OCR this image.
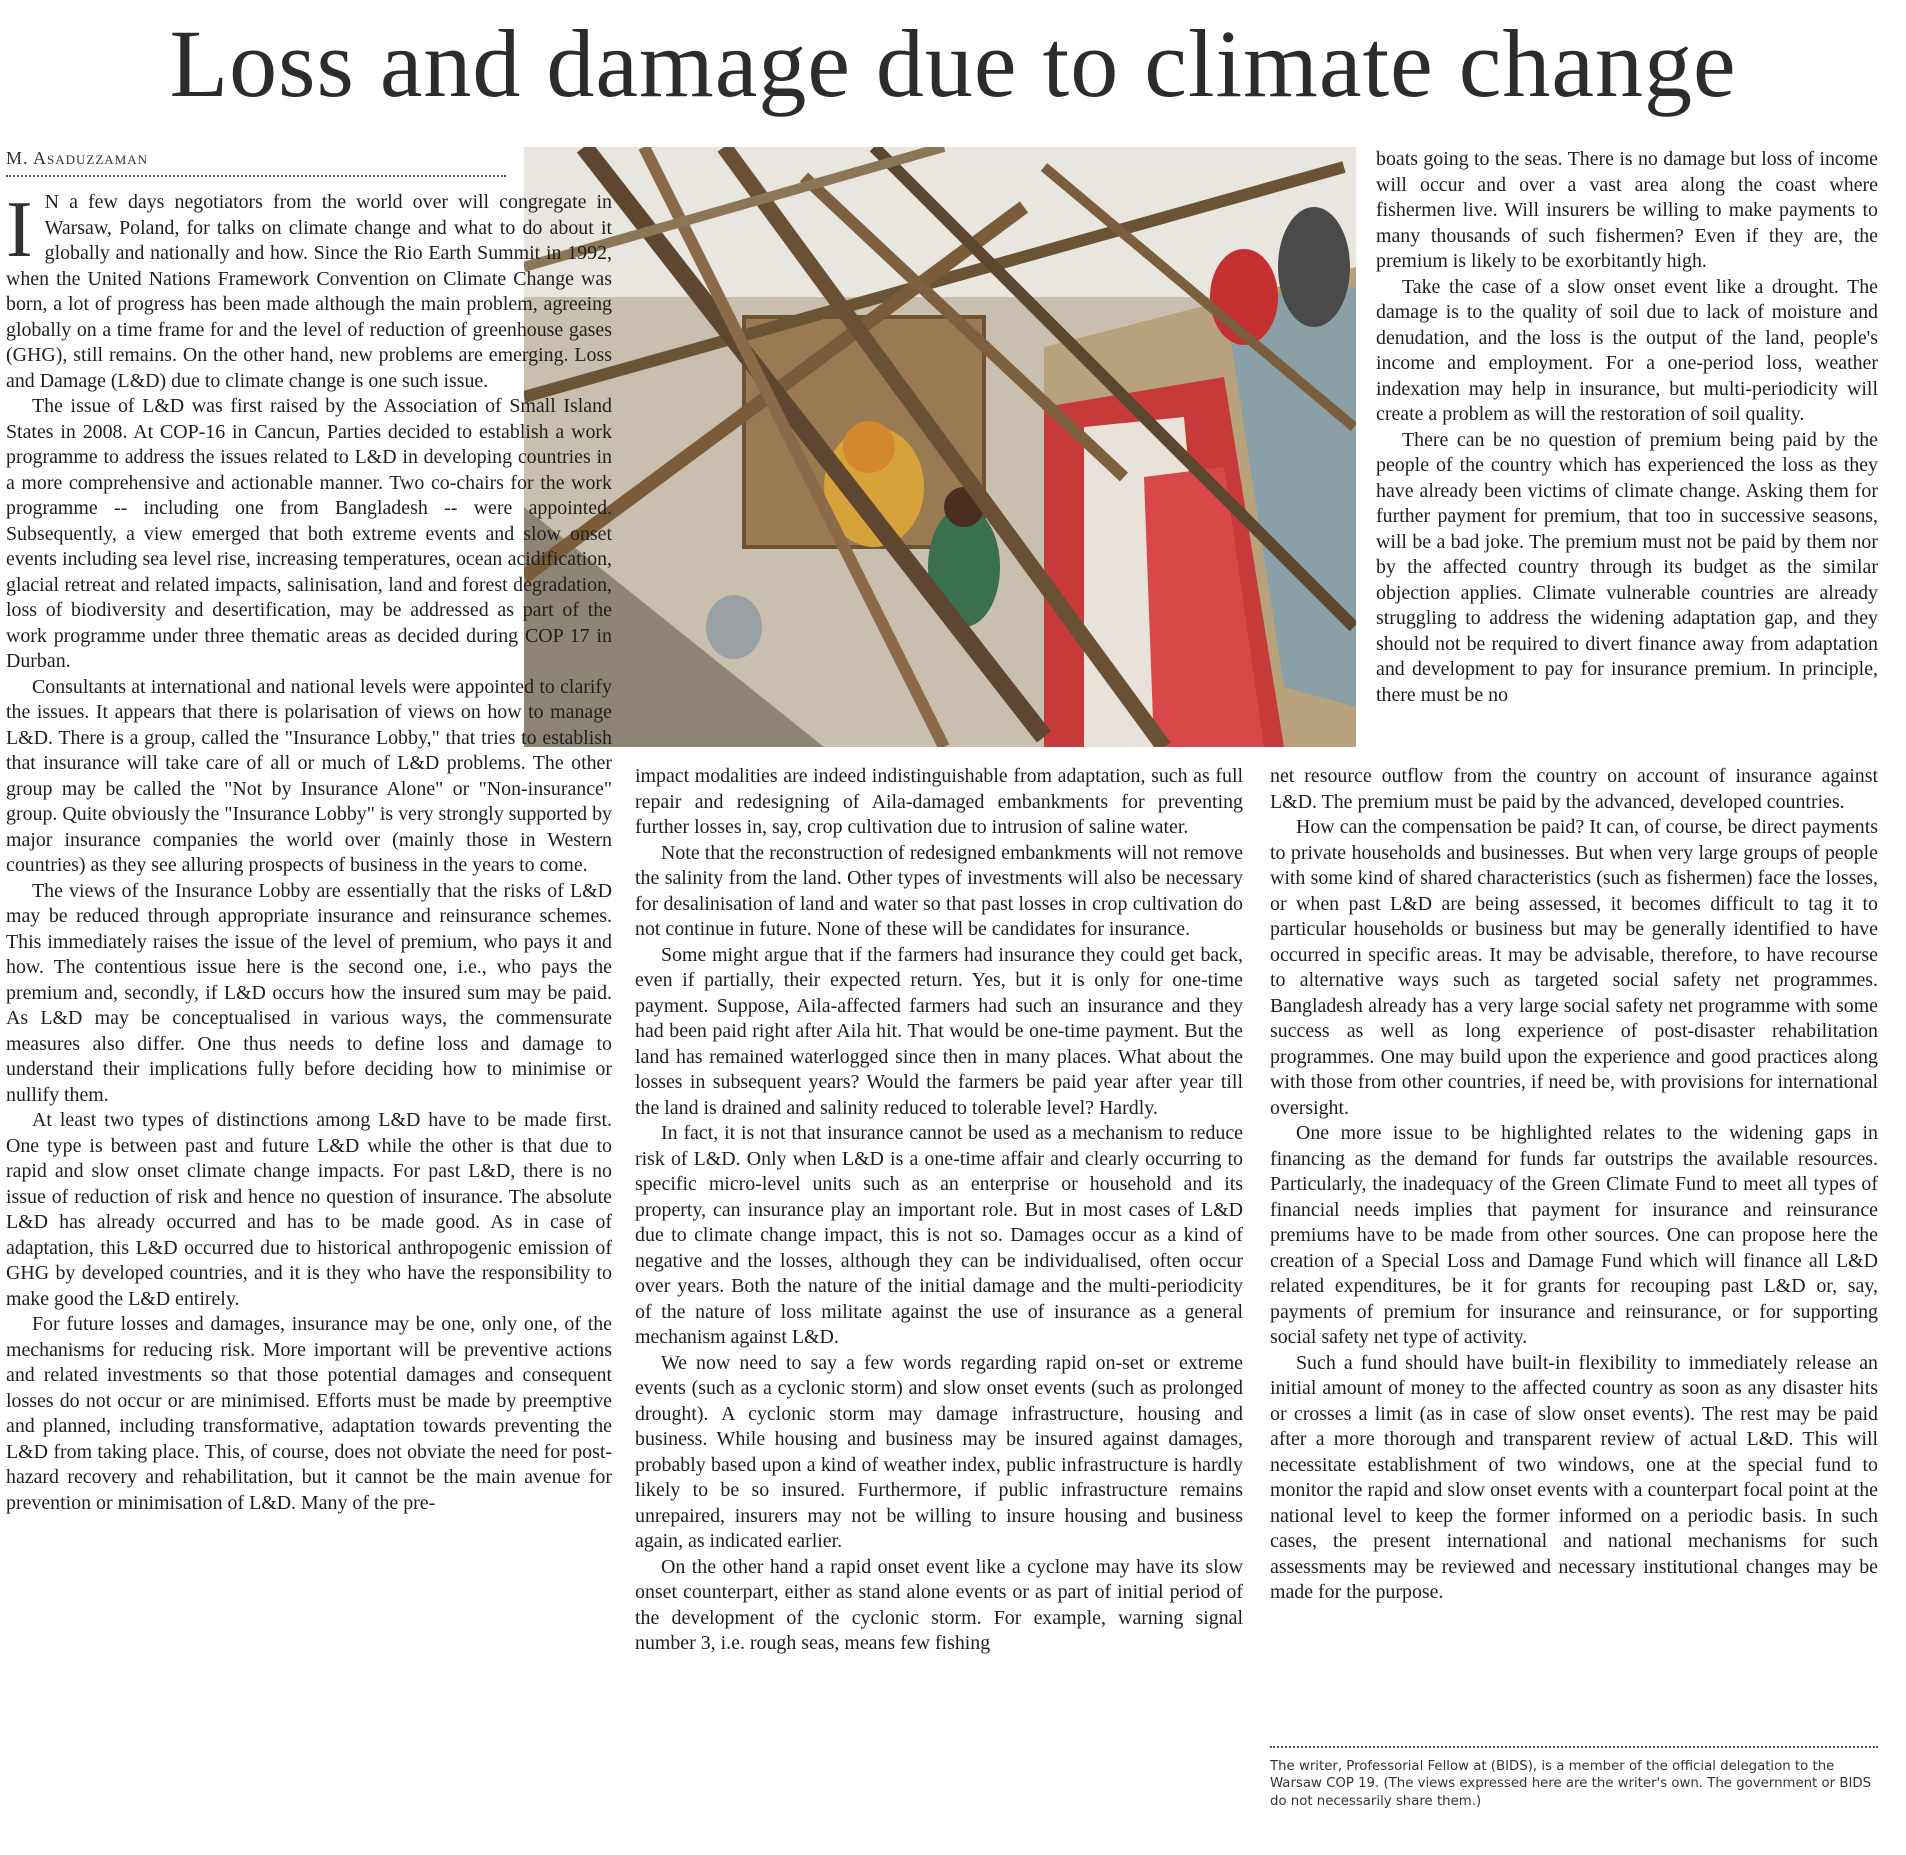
Loss and damage due to climate change
M. Asaduzzaman

I N a few days negotiators from the world over will congregate in Warsaw, Poland, for talks on climate change and what to do about it globally and nationally and how. Since the Rio Earth Summit in 1992, when the United Nations Framework Convention on Climate Change was born, a lot of progress has been made although the main problem, agreeing globally on a time frame for and the level of reduction of greenhouse gases (GHG), still remains. On the other hand, new problems are emerging. Loss and Damage (L&D) due to climate change is one such issue.

The issue of L&D was first raised by the Association of Small Island States in 2008. At COP-16 in Cancun, Parties decided to establish a work programme to address the issues related to L&D in developing countries in a more comprehensive and actionable manner. Two co-chairs for the work programme -- including one from Bangladesh -- were appointed. Subsequently, a view emerged that both extreme events and slow onset events including sea level rise, increasing temperatures, ocean acidification, glacial retreat and related impacts, salinisation, land and forest degradation, loss of biodiversity and desertification, may be addressed as part of the work programme under three thematic areas as decided during COP 17 in Durban.

Consultants at international and national levels were appointed to clarify the issues. It appears that there is polarisation of views on how to manage L&D. There is a group, called the "Insurance Lobby," that tries to establish that insurance will take care of all or much of L&D problems. The other group may be called the "Not by Insurance Alone" or "Non-insurance" group. Quite obviously the "Insurance Lobby" is very strongly supported by major insurance companies the world over (mainly those in Western countries) as they see alluring prospects of business in the years to come.

The views of the Insurance Lobby are essentially that the risks of L&D may be reduced through appropriate insurance and reinsurance schemes. This immediately raises the issue of the level of premium, who pays it and how. The contentious issue here is the second one, i.e., who pays the premium and, secondly, if L&D occurs how the insured sum may be paid. As L&D may be conceptualised in various ways, the commensurate measures also differ. One thus needs to define loss and damage to understand their implications fully before deciding how to minimise or nullify them.

At least two types of distinctions among L&D have to be made first. One type is between past and future L&D while the other is that due to rapid and slow onset climate change impacts. For past L&D, there is no issue of reduction of risk and hence no question of insurance. The absolute L&D has already occurred and has to be made good. As in case of adaptation, this L&D occurred due to historical anthropogenic emission of GHG by developed countries, and it is they who have the responsibility to make good the L&D entirely.

For future losses and damages, insurance may be one, only one, of the mechanisms for reducing risk. More important will be preventive actions and related investments so that those potential damages and consequent losses do not occur or are minimised. Efforts must be made by preemptive and planned, including transformative, adaptation towards preventing the L&D from taking place. This, of course, does not obviate the need for post-hazard recovery and rehabilitation, but it cannot be the main avenue for prevention or minimisation of L&D. Many of the pre-

impact modalities are indeed indistinguishable from adaptation, such as full repair and redesigning of Aila-damaged embankments for preventing further losses in, say, crop cultivation due to intrusion of saline water.

Note that the reconstruction of redesigned embankments will not remove the salinity from the land. Other types of investments will also be necessary for desalinisation of land and water so that past losses in crop cultivation do not continue in future. None of these will be candidates for insurance.

Some might argue that if the farmers had insurance they could get back, even if partially, their expected return. Yes, but it is only for one-time payment. Suppose, Aila-affected farmers had such an insurance and they had been paid right after Aila hit. That would be one-time payment. But the land has remained waterlogged since then in many places. What about the losses in subsequent years? Would the farmers be paid year after year till the land is drained and salinity reduced to tolerable level? Hardly.

In fact, it is not that insurance cannot be used as a mechanism to reduce risk of L&D. Only when L&D is a one-time affair and clearly occurring to specific micro-level units such as an enterprise or household and its property, can insurance play an important role. But in most cases of L&D due to climate change impact, this is not so. Damages occur as a kind of negative and the losses, although they can be individualised, often occur over years. Both the nature of the initial damage and the multi-periodicity of the nature of loss militate against the use of insurance as a general mechanism against L&D.

We now need to say a few words regarding rapid on-set or extreme events (such as a cyclonic storm) and slow onset events (such as prolonged drought). A cyclonic storm may damage infrastructure, housing and business. While housing and business may be insured against damages, probably based upon a kind of weather index, public infrastructure is hardly likely to be so insured. Furthermore, if public infrastructure remains unrepaired, insurers may not be willing to insure housing and business again, as indicated earlier.

On the other hand a rapid onset event like a cyclone may have its slow onset counterpart, either as stand alone events or as part of initial period of the development of the cyclonic storm. For example, warning signal number 3, i.e. rough seas, means few fishing

boats going to the seas. There is no damage but loss of income will occur and over a vast area along the coast where fishermen live. Will insurers be willing to make payments to many thousands of such fishermen? Even if they are, the premium is likely to be exorbitantly high.

Take the case of a slow onset event like a drought. The damage is to the quality of soil due to lack of moisture and denudation, and the loss is the output of the land, people's income and employment. For a one-period loss, weather indexation may help in insurance, but multi-periodicity will create a problem as will the restoration of soil quality.

There can be no question of premium being paid by the people of the country which has experienced the loss as they have already been victims of climate change. Asking them for further payment for premium, that too in successive seasons, will be a bad joke. The premium must not be paid by them nor by the affected country through its budget as the similar objection applies. Climate vulnerable countries are already struggling to address the widening adaptation gap, and they should not be required to divert finance away from adaptation and development to pay for insurance premium. In principle, there must be no

net resource outflow from the country on account of insurance against L&D. The premium must be paid by the advanced, developed countries.

How can the compensation be paid? It can, of course, be direct payments to private households and businesses. But when very large groups of people with some kind of shared characteristics (such as fishermen) face the losses, or when past L&D are being assessed, it becomes difficult to tag it to particular households or business but may be generally identified to have occurred in specific areas. It may be advisable, therefore, to have recourse to alternative ways such as targeted social safety net programmes. Bangladesh already has a very large social safety net programme with some success as well as long experience of post-disaster rehabilitation programmes. One may build upon the experience and good practices along with those from other countries, if need be, with provisions for international oversight.

One more issue to be highlighted relates to the widening gaps in financing as the demand for funds far outstrips the available resources. Particularly, the inadequacy of the Green Climate Fund to meet all types of financial needs implies that payment for insurance and reinsurance premiums have to be made from other sources. One can propose here the creation of a Special Loss and Damage Fund which will finance all L&D related expenditures, be it for grants for recouping past L&D or, say, payments of premium for insurance and reinsurance, or for supporting social safety net type of activity.

Such a fund should have built-in flexibility to immediately release an initial amount of money to the affected country as soon as any disaster hits or crosses a limit (as in case of slow onset events). The rest may be paid after a more thorough and transparent review of actual L&D. This will necessitate establishment of two windows, one at the special fund to monitor the rapid and slow onset events with a counterpart focal point at the national level to keep the former informed on a periodic basis. In such cases, the present international and national mechanisms for such assessments may be reviewed and necessary institutional changes may be made for the purpose.

The writer, Professorial Fellow at (BIDS), is a member of the official delegation to the Warsaw COP 19. (The views expressed here are the writer's own. The government or BIDS do not necessarily share them.)
